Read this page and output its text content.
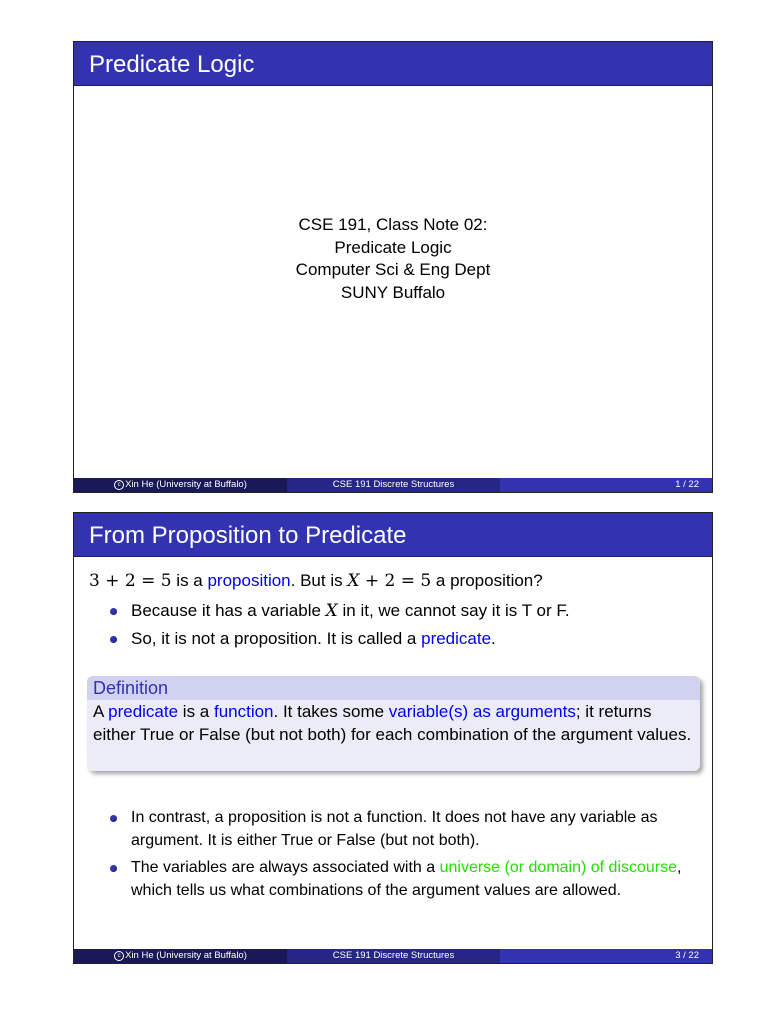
Predicate Logic
CSE 191, Class Note 02:
Predicate Logic
Computer Sci & Eng Dept
SUNY Buffalo
c Xin He (University at Buffalo)	CSE 191 Discrete Structures	1 / 22
From Proposition to Predicate
3 + 2 = 5 is a proposition. But is X + 2 = 5 a proposition?
Because it has a variable X in it, we cannot say it is T or F.
So, it is not a proposition. It is called a predicate.
Definition
A predicate is a function. It takes some variable(s) as arguments; it returns either True or False (but not both) for each combination of the argument values.
In contrast, a proposition is not a function. It does not have any variable as argument. It is either True or False (but not both).
The variables are always associated with a universe (or domain) of discourse, which tells us what combinations of the argument values are allowed.
c Xin He (University at Buffalo)	CSE 191 Discrete Structures	3 / 22
